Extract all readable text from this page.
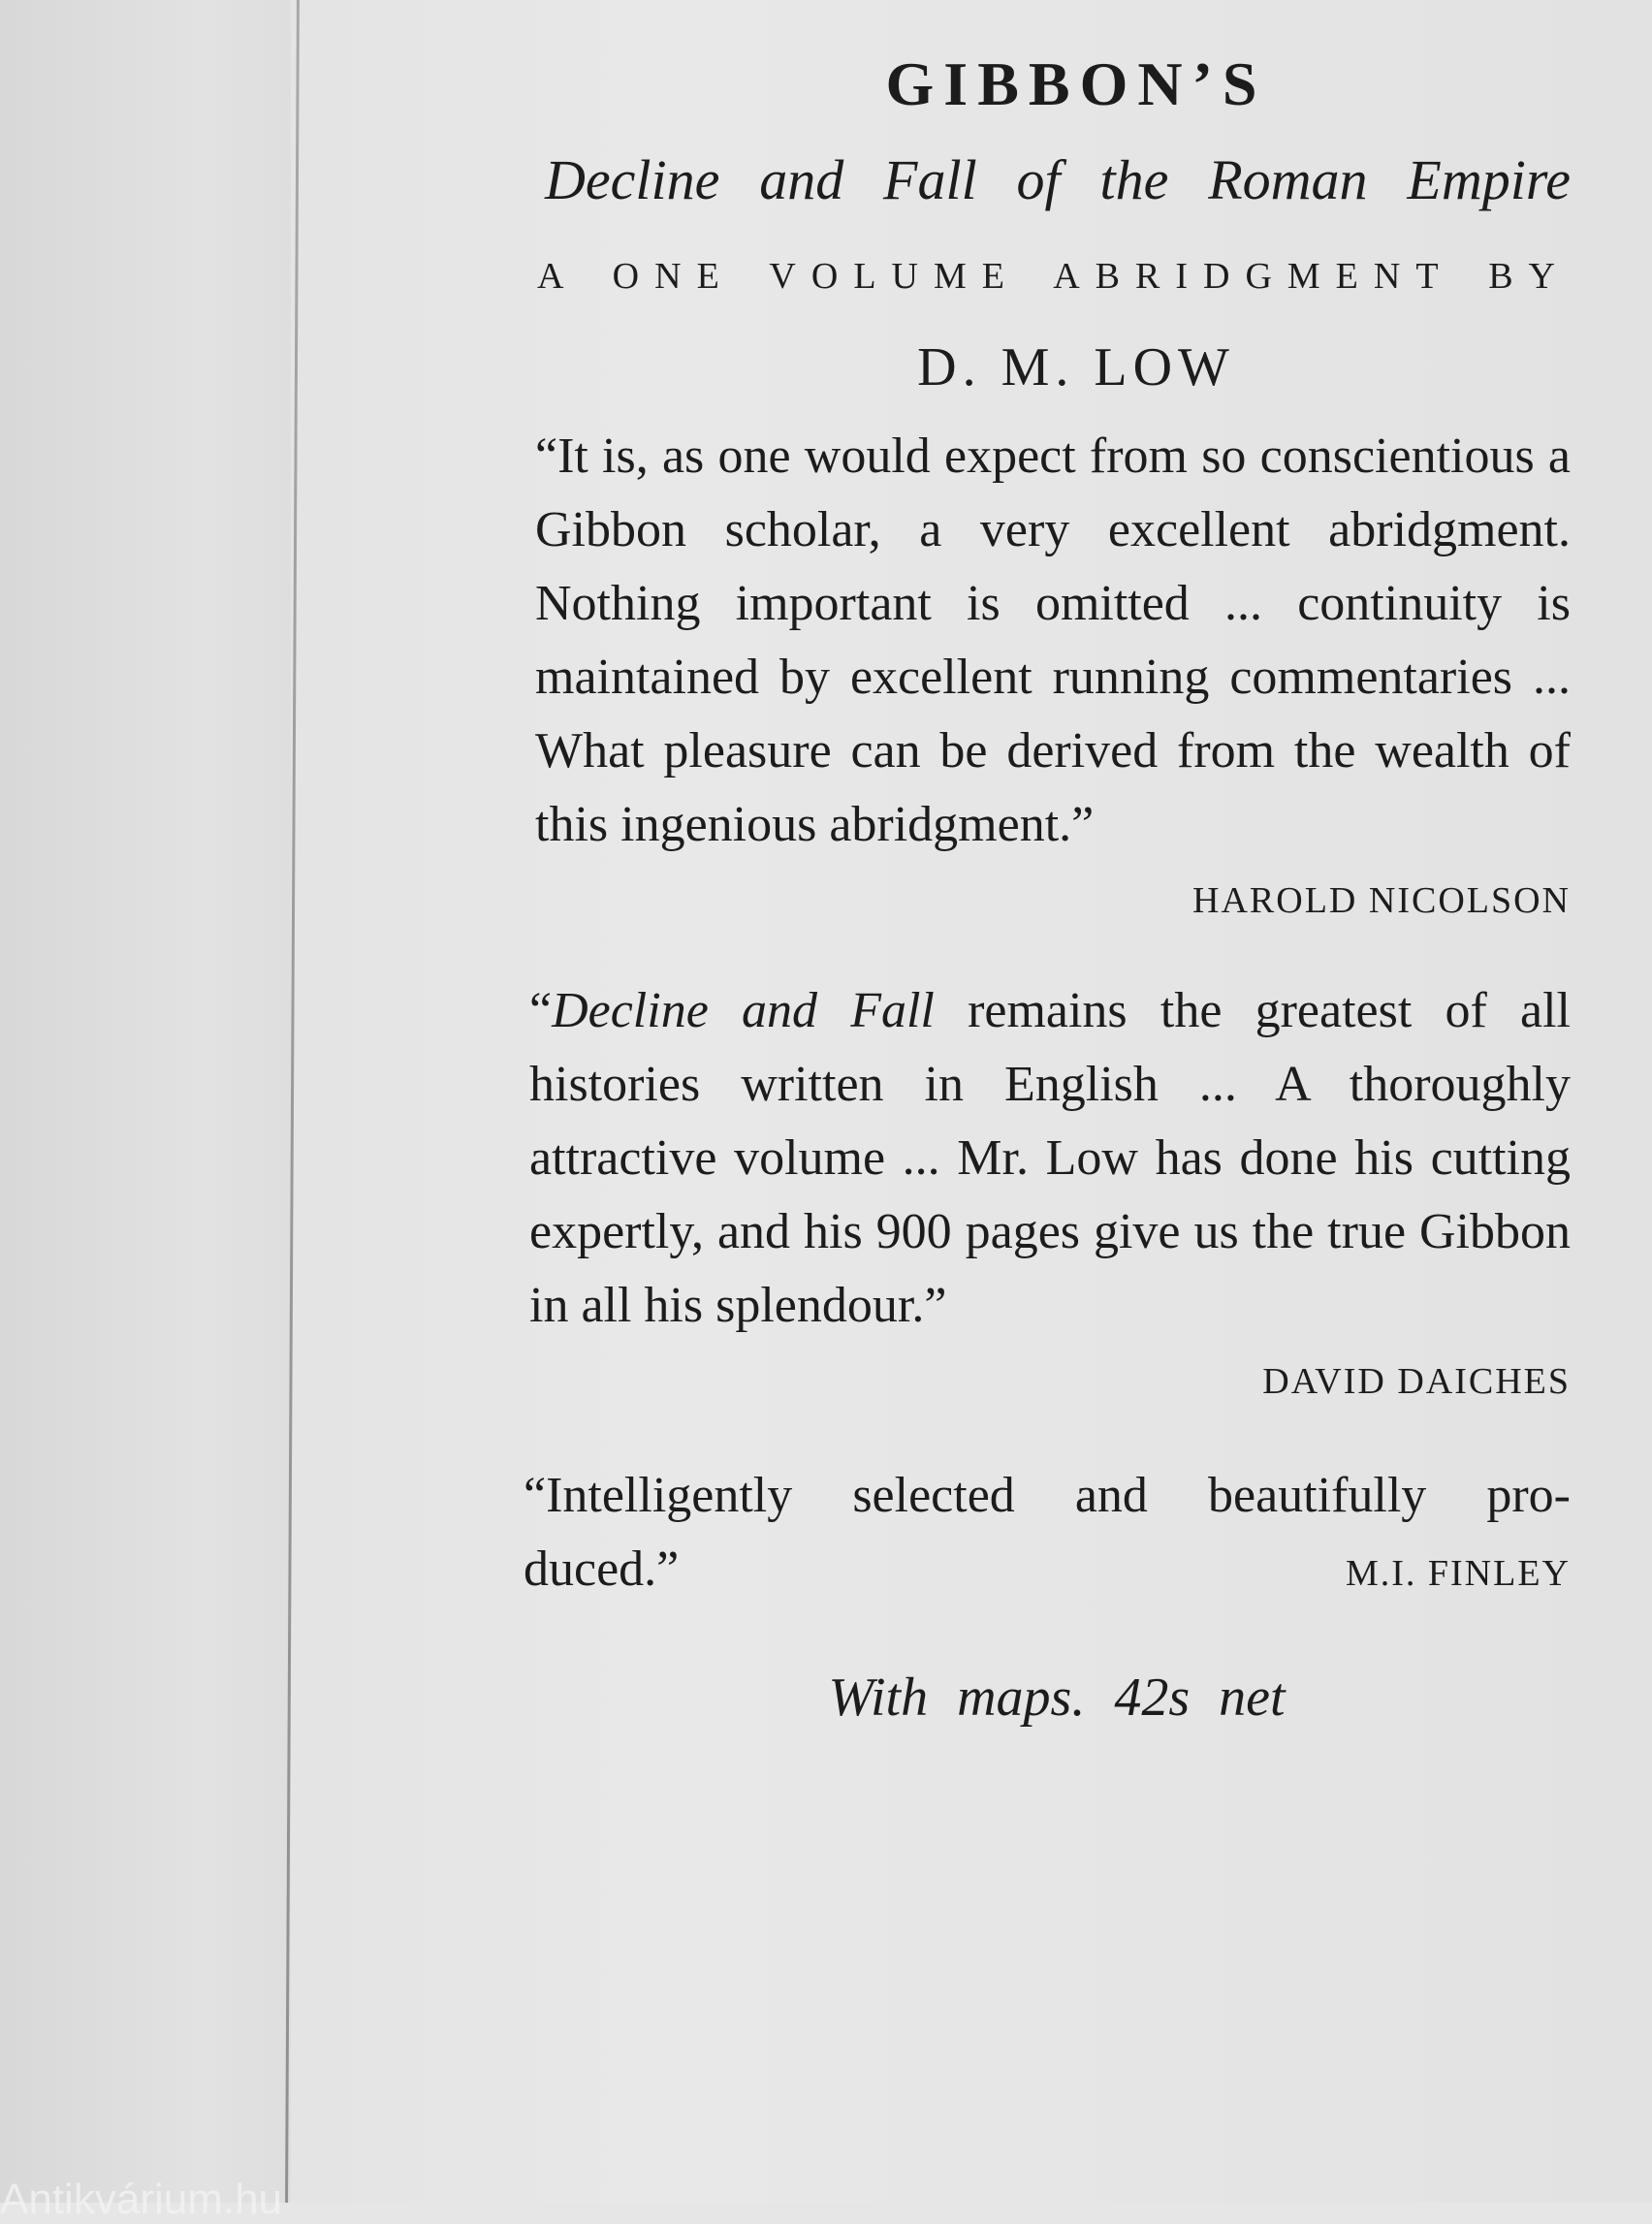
GIBBON’S
Decline and Fall of the Roman Empire
A ONE VOLUME ABRIDGMENT BY
D. M. LOW
“It is, as one would expect from so conscientious a Gibbon scholar, a very excellent abridgment. Nothing important is omitted ... continuity is maintained by excellent running commentaries ... What pleasure can be derived from the wealth of this ingenious abridgment.”
HAROLD NICOLSON
“Decline and Fall remains the greatest of all histories written in English ... A thoroughly attractive volume ... Mr. Low has done his cutting expertly, and his 900 pages give us the true Gibbon in all his splendour.”
DAVID DAICHES
“Intelligently selected and beautifully pro-
duced.”	M.I. FINLEY
With maps. 42s net
Antikvárium.hu
